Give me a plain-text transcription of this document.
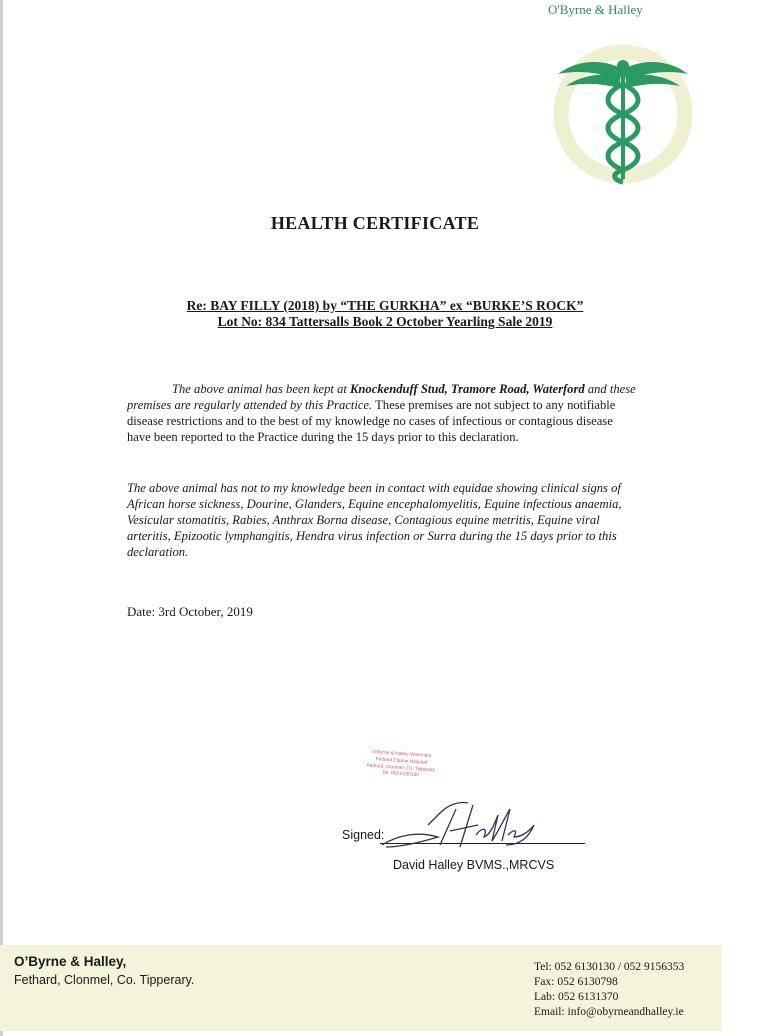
O'Byrne & Halley
HEALTH CERTIFICATE
Re: BAY FILLY (2018) by “THE GURKHA” ex “BURKE’S ROCK”
Lot No: 834 Tattersalls Book 2 October Yearling Sale 2019
The above animal has been kept at Knockenduff Stud, Tramore Road, Waterford and these premises are regularly attended by this Practice. These premises are not subject to any notifiable disease restrictions and to the best of my knowledge no cases of infectious or contagious disease have been reported to the Practice during the 15 days prior to this declaration.
The above animal has not to my knowledge been in contact with equidae showing clinical signs of African horse sickness, Dourine, Glanders, Equine encephalomyelitis, Equine infectious anaemia, Vesicular stomatitis, Rabies, Anthrax Borna disease, Contagious equine metritis, Equine viral arteritis, Epizootic lymphangitis, Hendra virus infection or Surra during the 15 days prior to this declaration.
Date: 3rd October, 2019
O'Byrne & Halley Veterinary
Fethard Equine Hospital
Fethard, Clonmel, Co. Tipperary
Tel: 052 6130130
Signed:
David Halley BVMS.,MRCVS
O’Byrne & Halley,
Fethard, Clonmel, Co. Tipperary.
Tel: 052 6130130 / 052 9156353
Fax: 052 6130798
Lab: 052 6131370
Email: info@obyrneandhalley.ie
